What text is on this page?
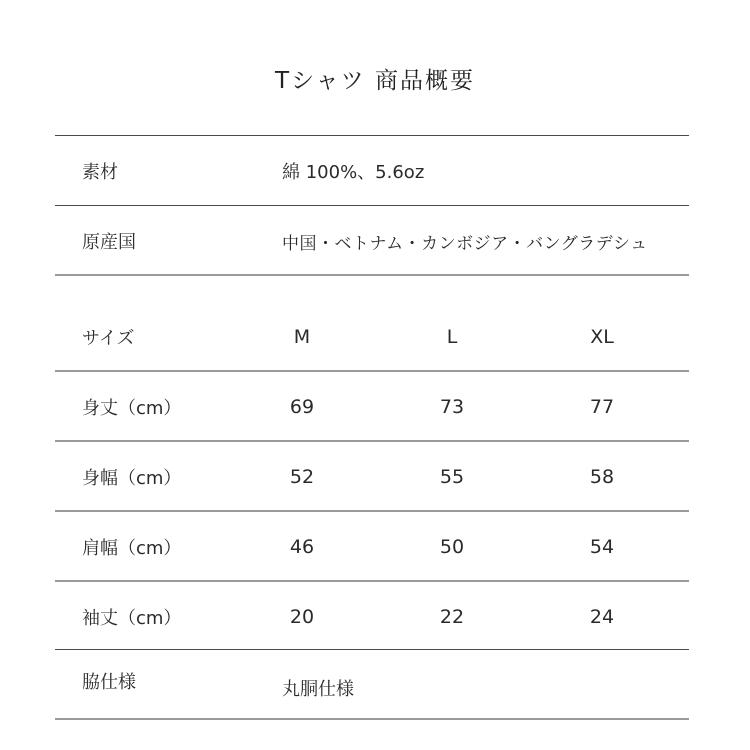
Tシャツ 商品概要
素材	綿 100%、5.6oz
原産国	中国・ベトナム・カンボジア・バングラデシュ
サイズ	M	L	XL
身丈（cm）	69	73	77
身幅（cm）	52	55	58
肩幅（cm）	46	50	54
袖丈（cm）	20	22	24
脇仕様	丸胴仕様
